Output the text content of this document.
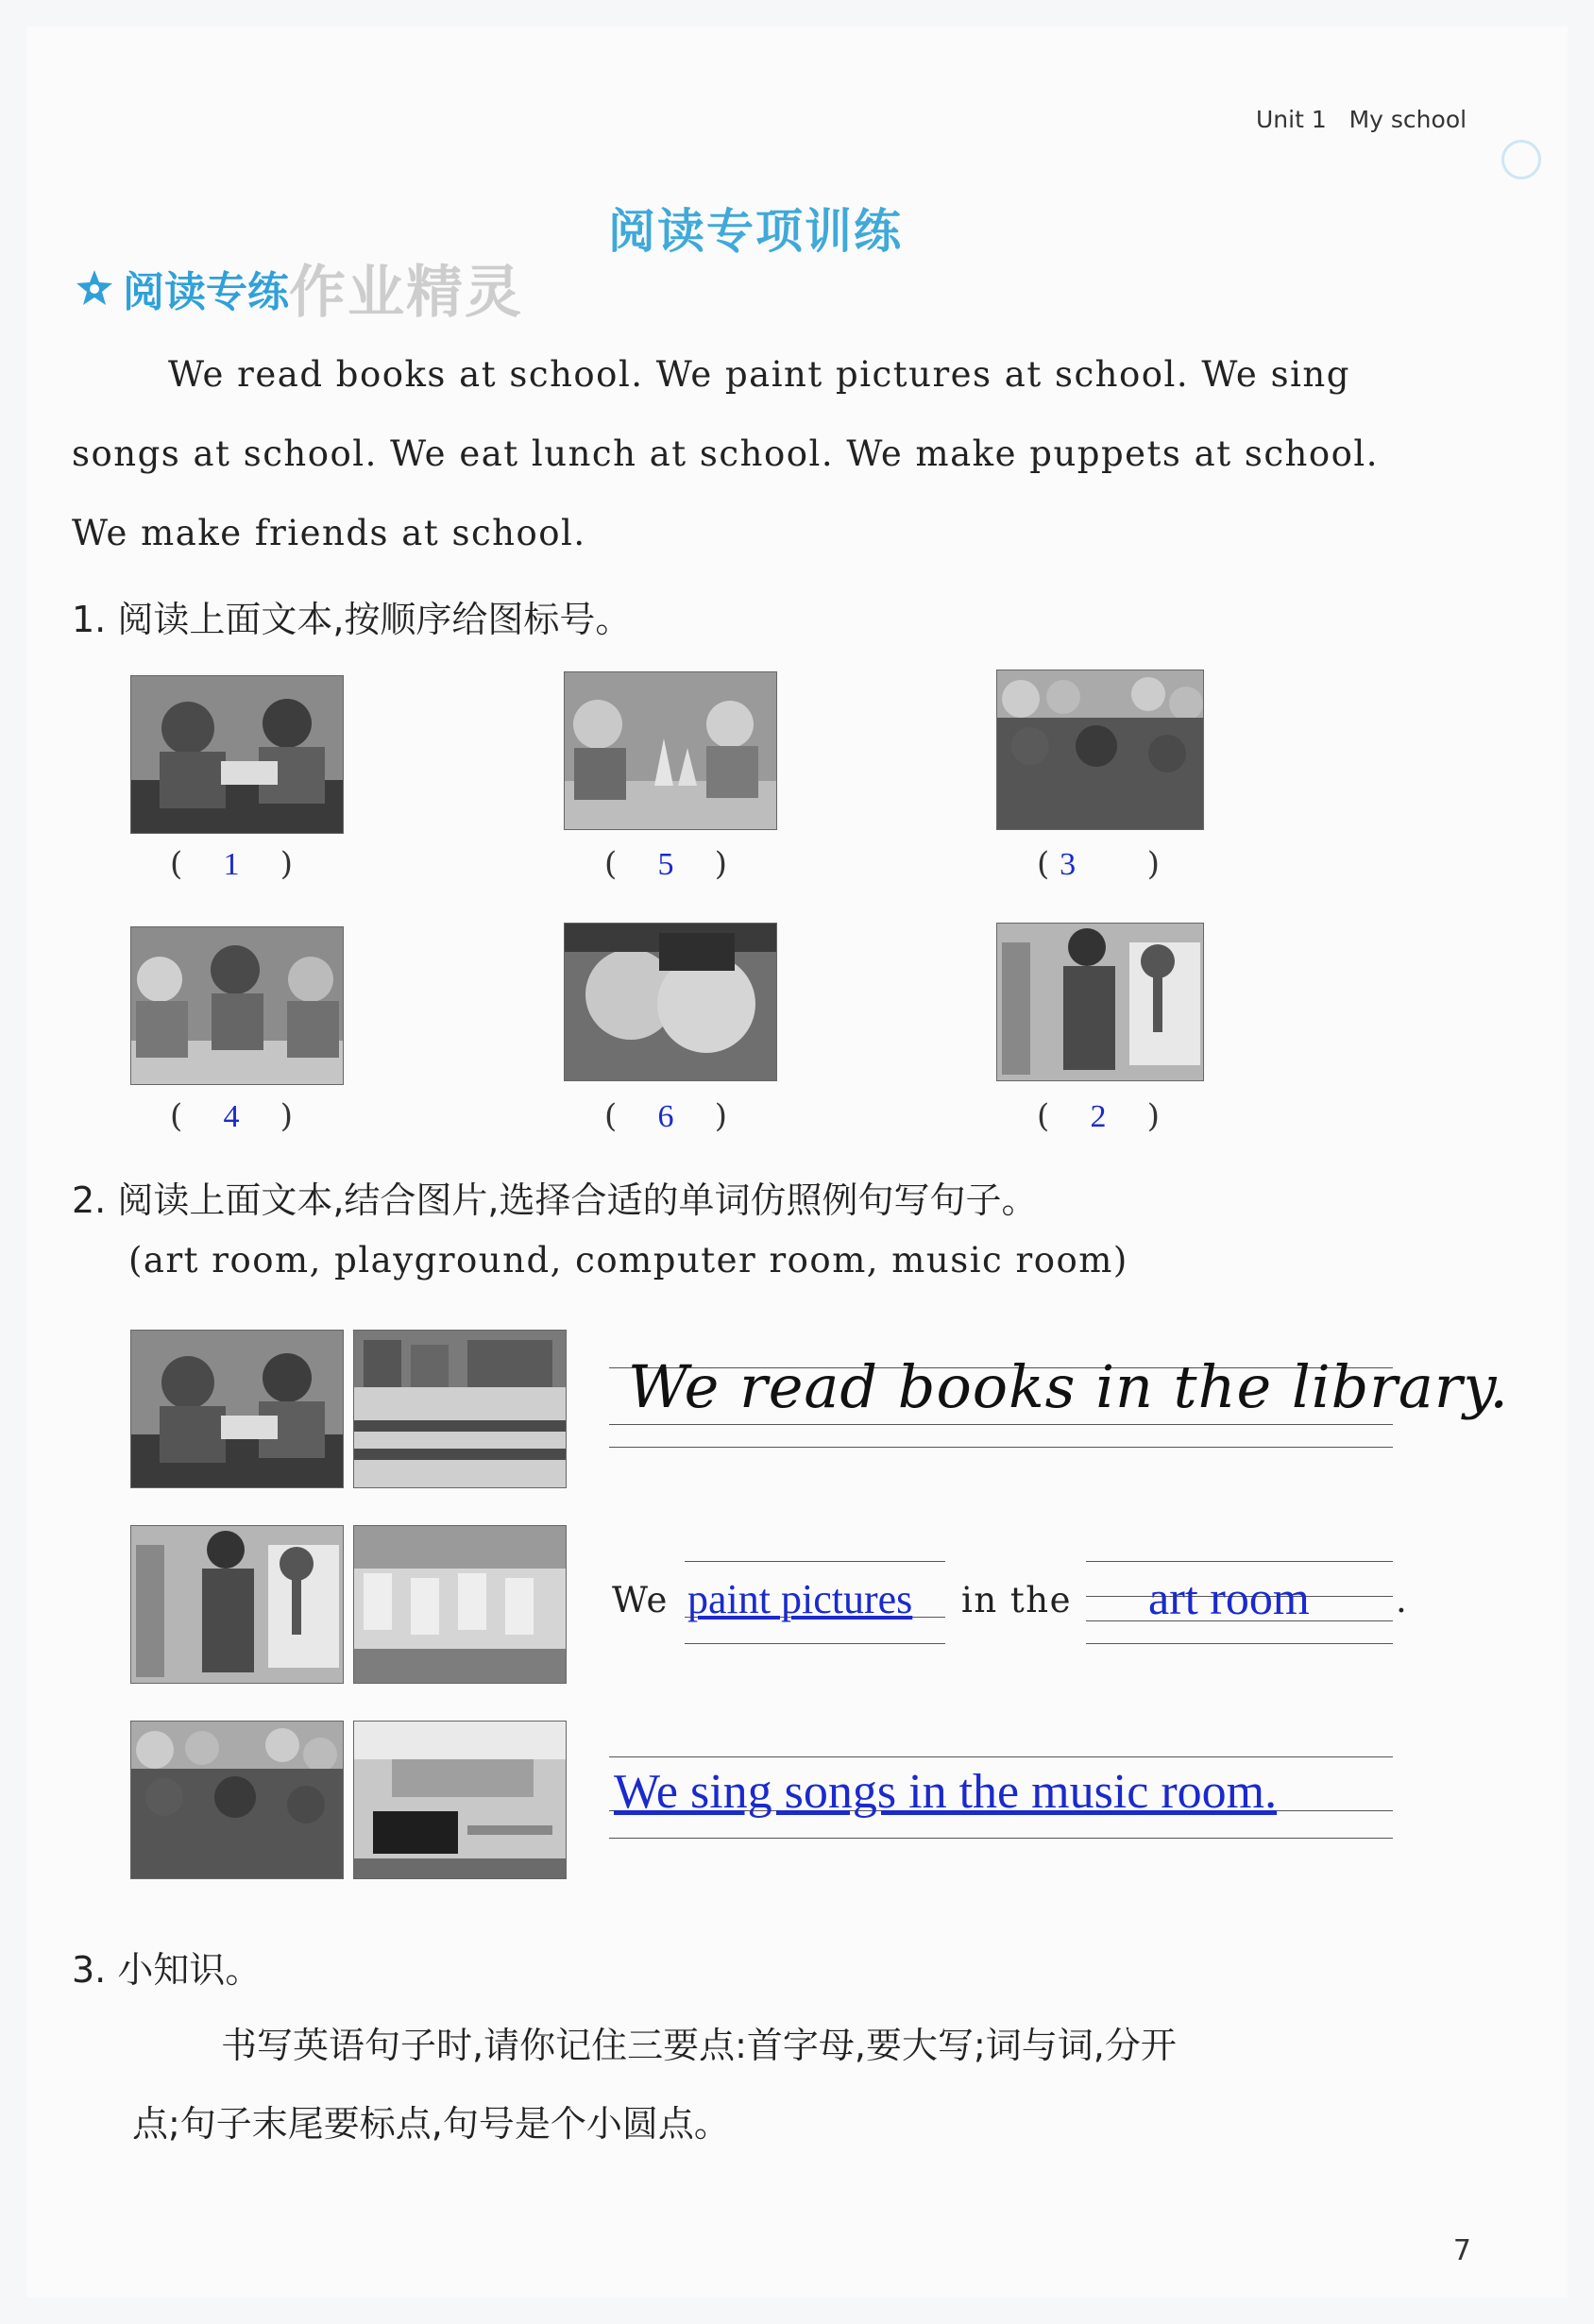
Unit 1 My school
阅读专项训练
阅读专练 作业精灵
We read books at school. We paint pictures at school. We sing
songs at school. We eat lunch at school. We make puppets at school.
We make friends at school.
1. 阅读上面文本,按顺序给图标号。
(    1    )	(    5    )	( 3       )
(    4    )	(    6    )	(    2    )
2. 阅读上面文本,结合图片,选择合适的单词仿照例句写句子。
(art room, playground, computer room, music room)
We read books in the library.
We paint pictures in the art room .
We sing songs in the music room.
3. 小知识。
书写英语句子时,请你记住三要点:首字母,要大写;词与词,分开
点;句子末尾要标点,句号是个小圆点。
7
